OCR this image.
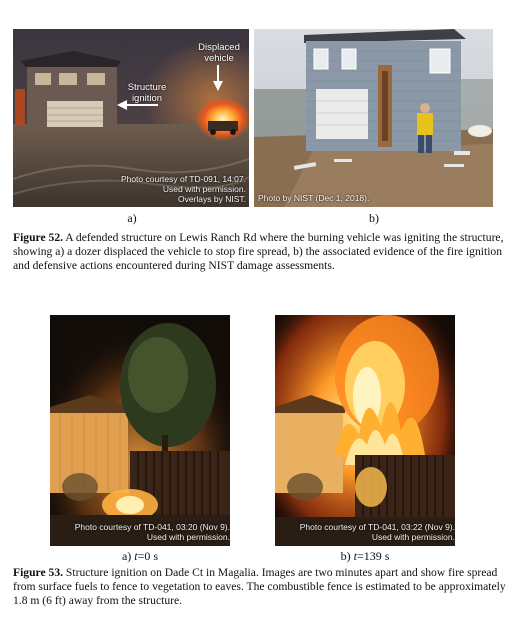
Displaced
vehicle
Structure
ignition
Photo courtesy of TD-091, 14:07.
Used with permission.
Overlays by NIST. Photo by NIST (Dec 1, 2018).
a)	b)
Figure 52. A defended structure on Lewis Ranch Rd where the burning vehicle was igniting the structure, showing a) a dozer displaced the vehicle to stop fire spread, b) the associated evidence of the fire ignition and defensive actions encountered during NIST damage assessments.
Photo courtesy of TD-041, 03:20 (Nov 9).
Used with permission.
Photo courtesy of TD-041, 03:22 (Nov 9).
Used with permission.
a) t=0 s	b) t=139 s
Figure 53. Structure ignition on Dade Ct in Magalia. Images are two minutes apart and show fire spread from surface fuels to fence to vegetation to eaves. The combustible fence is estimated to be approximately 1.8 m (6 ft) away from the structure.
